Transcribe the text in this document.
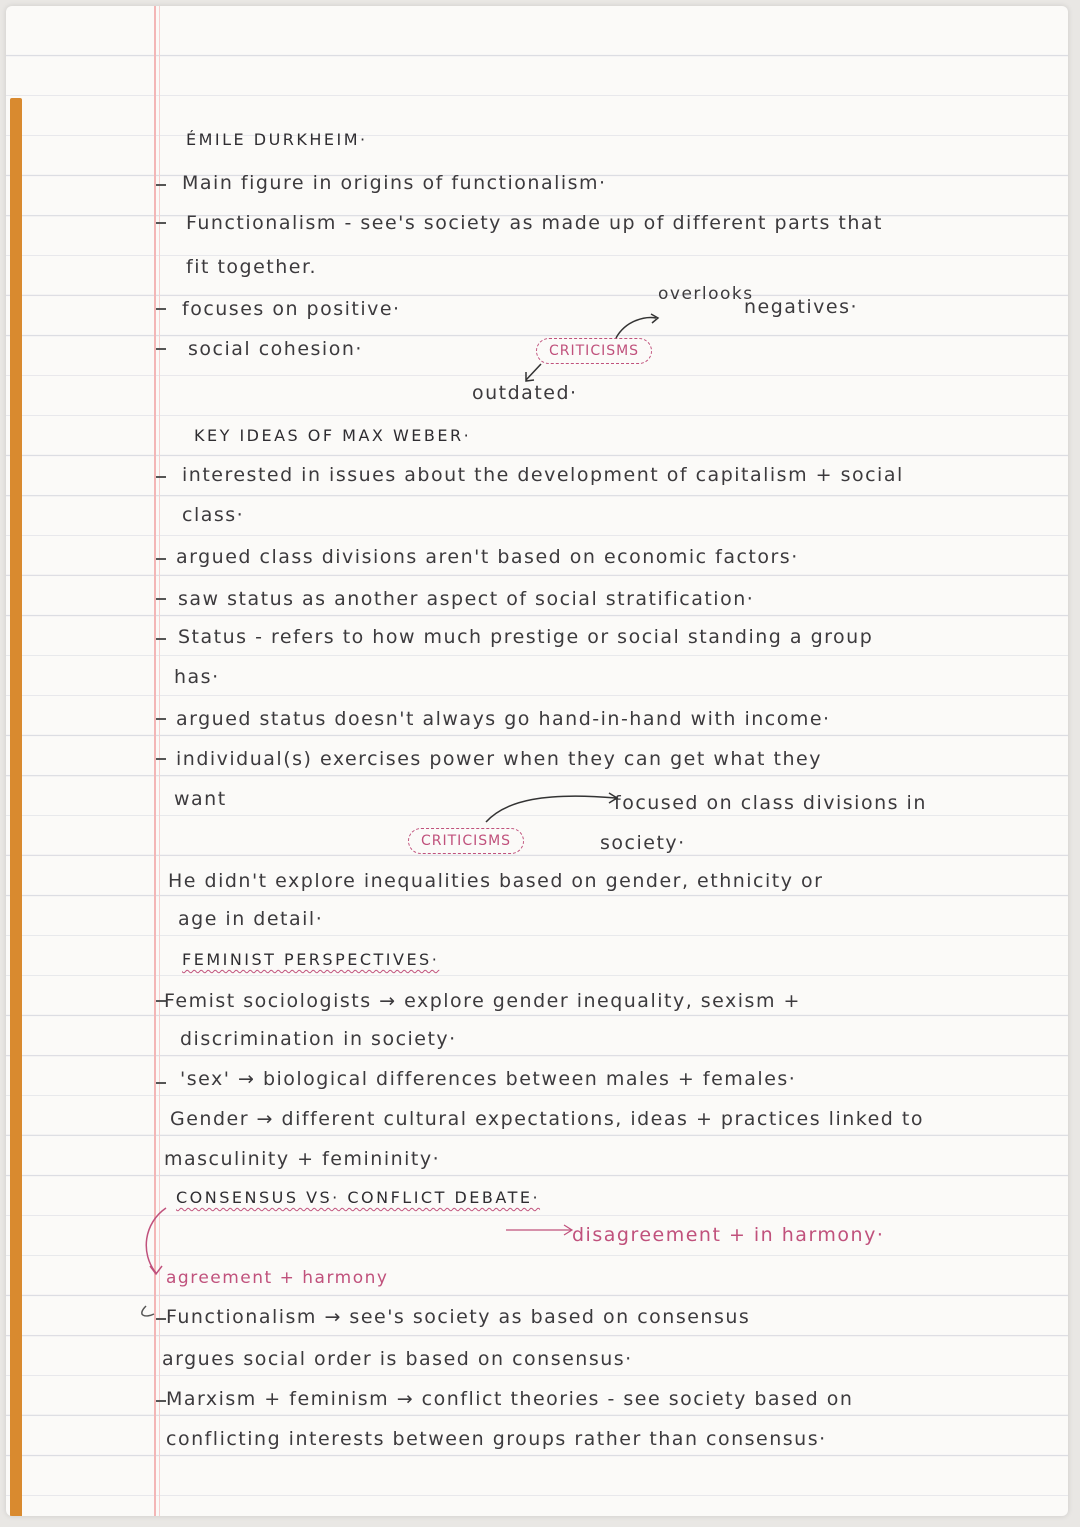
ÉMILE DURKHEIM·
Main figure in origins of functionalism·
Functionalism - see's society as made up of different parts that
fit together.
focuses on positive·
social cohesion·
overlooks
negatives·
CRITICISMS
outdated·
KEY IDEAS OF MAX WEBER·
interested in issues about the development of capitalism + social
class·
argued class divisions aren't based on economic factors·
saw status as another aspect of social stratification·
Status - refers to how much prestige or social standing a group
has·
argued status doesn't always go hand-in-hand with income·
individual(s) exercises power when they can get what they
want	focused on class divisions in
CRITICISMS	society·
He didn't explore inequalities based on gender, ethnicity or
age in detail·
FEMINIST PERSPECTIVES·
Femist sociologists → explore gender inequality, sexism +
discrimination in society·
'sex' → biological differences between males + females·
Gender → different cultural expectations, ideas + practices linked to
masculinity + femininity·
CONSENSUS VS· CONFLICT DEBATE·
disagreement + in harmony·
agreement + harmony
Functionalism → see's society as based on consensus
argues social order is based on consensus·
Marxism + feminism → conflict theories - see society based on
conflicting interests between groups rather than consensus·
